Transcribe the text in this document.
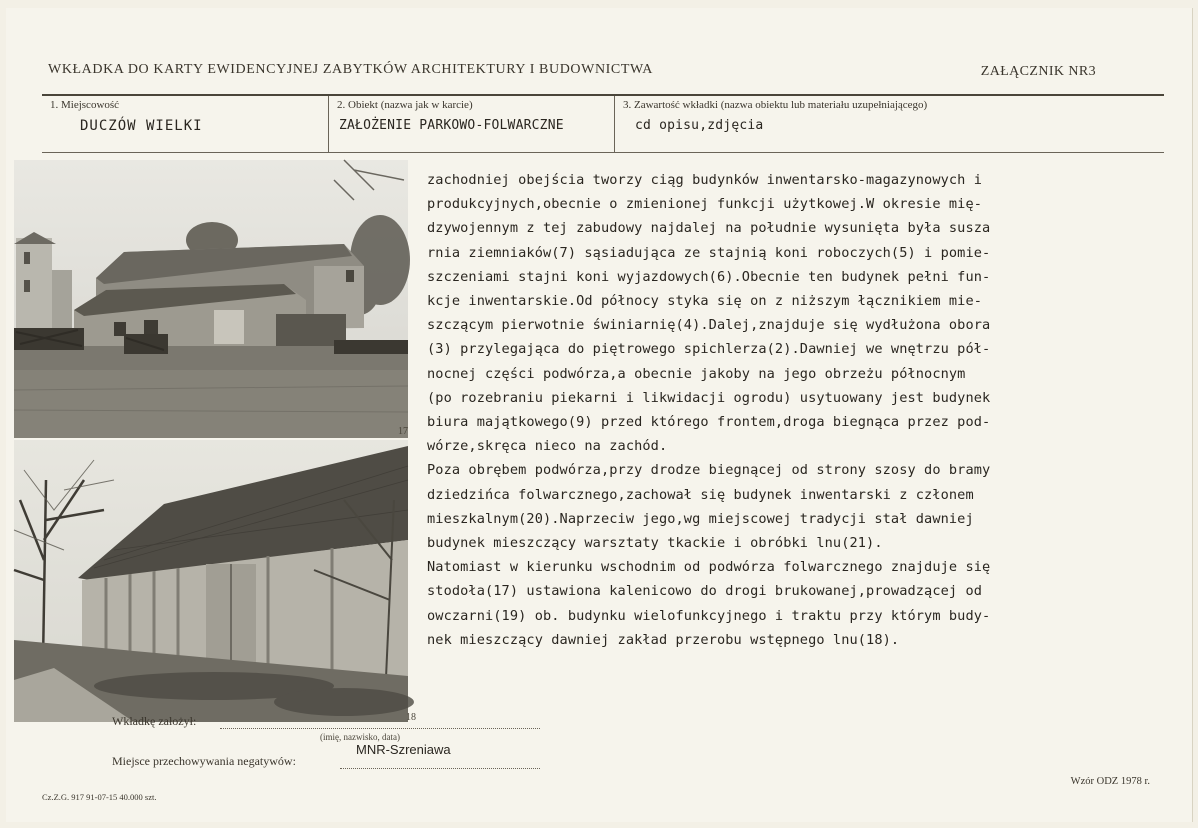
WKŁADKA DO KARTY EWIDENCYJNEJ ZABYTKÓW ARCHITEKTURY I BUDOWNICTWA	ZAŁĄCZNIK NR3
1. Miejscowość
DUCZÓW WIELKI
2. Obiekt (nazwa jak w karcie)
ZAŁOŻENIE PARKOWO-FOLWARCZNE
3. Zawartość wkładki (nazwa obiektu lub materiału uzupełniającego)
cd opisu,zdjęcia
17
18
zachodniej obejścia tworzy ciąg budynków inwentarsko-magazynowych i
produkcyjnych,obecnie o zmienionej funkcji użytkowej.W okresie mię-
dzywojennym z tej zabudowy najdalej na południe wysunięta była susza
rnia ziemniaków(7) sąsiadująca ze stajnią koni roboczych(5) i pomie-
szczeniami stajni koni wyjazdowych(6).Obecnie ten budynek pełni fun-
kcje inwentarskie.Od północy styka się on z niższym łącznikiem mie-
szczącym pierwotnie świniarnię(4).Dalej,znajduje się wydłużona obora
(3) przylegająca do piętrowego spichlerza(2).Dawniej we wnętrzu pół-
nocnej części podwórza,a obecnie jakoby na jego obrzeżu północnym
(po rozebraniu piekarni i likwidacji ogrodu) usytuowany jest budynek
biura majątkowego(9) przed którego frontem,droga biegnąca przez pod-
wórze,skręca nieco na zachód.
Poza obrębem podwórza,przy drodze biegnącej od strony szosy do bramy
dziedzińca folwarcznego,zachował się budynek inwentarski z członem
mieszkalnym(20).Naprzeciw jego,wg miejscowej tradycji stał dawniej
budynek mieszczący warsztaty tkackie i obróbki lnu(21).
Natomiast w kierunku wschodnim od podwórza folwarcznego znajduje się
stodoła(17) ustawiona kalenicowo do drogi brukowanej,prowadzącej od
owczarni(19) ob. budynku wielofunkcyjnego i traktu przy którym budy-
nek mieszczący dawniej zakład przerobu wstępnego lnu(18).
Wkładkę założył:
(imię, nazwisko, data)
Miejsce przechowywania negatywów:
MNR-Szreniawa
Cz.Z.G. 917 91-07-15 40.000 szt.
Wzór ODZ 1978 r.
